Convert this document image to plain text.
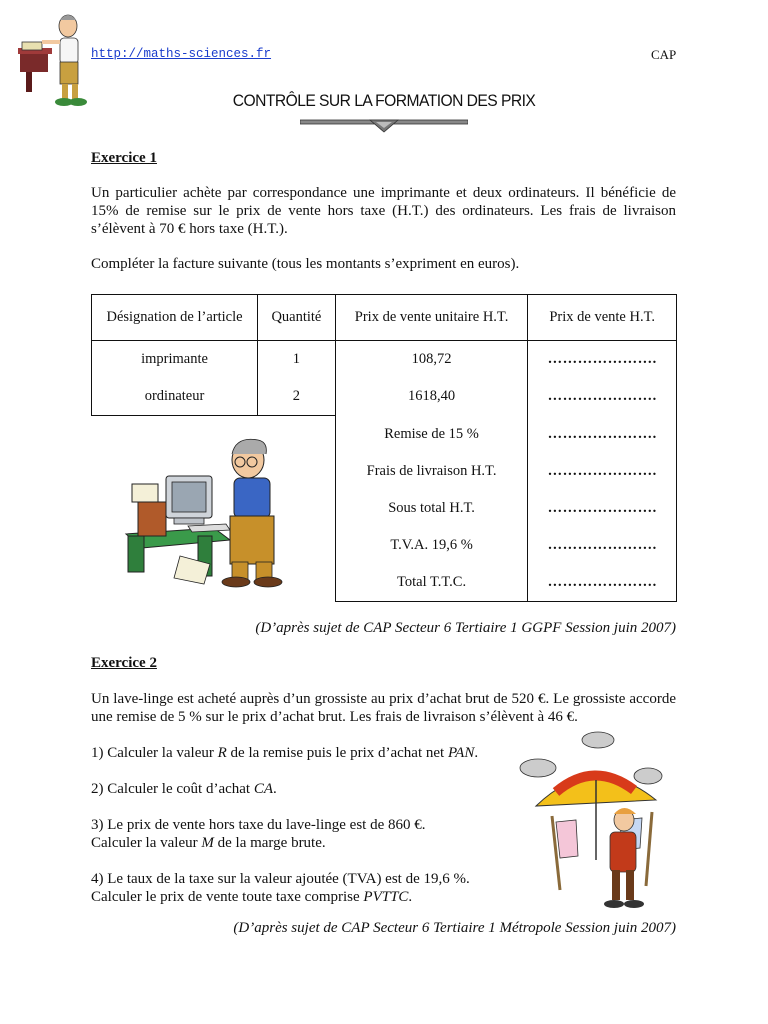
http://maths-sciences.fr	CAP
CONTRÔLE SUR LA FORMATION DES PRIX
Exercice 1
Un particulier achète par correspondance une imprimante et deux ordinateurs. Il bénéficie de 15% de remise sur le prix de vente hors taxe (H.T.) des ordinateurs. Les frais de livraison s’élèvent à 70 € hors taxe (H.T.).
Compléter la facture suivante (tous les montants s’expriment en euros).
Désignation de l’article	Quantité	Prix de vente unitaire H.T.	Prix de vente H.T.
imprimante	1	108,72	………………….
ordinateur	2	1618,40	………………….
		Remise de 15 %	………………….
		Frais de livraison H.T.	………………….
		Sous total H.T.	………………….
		T.V.A. 19,6 %	………………….
		Total T.T.C.	………………….
(D’après sujet de CAP Secteur 6 Tertiaire 1 GGPF Session juin 2007)
Exercice 2
Un lave-linge est acheté auprès d’un grossiste au prix d’achat brut de 520 €. Le grossiste accorde une remise de 5 % sur le prix d’achat brut. Les frais de livraison s’élèvent à 46 €.
1) Calculer la valeur R de la remise puis le prix d’achat net PAN.
2) Calculer le coût d’achat CA.
3) Le prix de vente hors taxe du lave-linge est de 860 €.
Calculer la valeur M de la marge brute.
4) Le taux de la taxe sur la valeur ajoutée (TVA) est de 19,6 %.
Calculer le prix de vente toute taxe comprise PVTTC.
(D’après sujet de CAP Secteur 6 Tertiaire 1 Métropole Session juin 2007)
